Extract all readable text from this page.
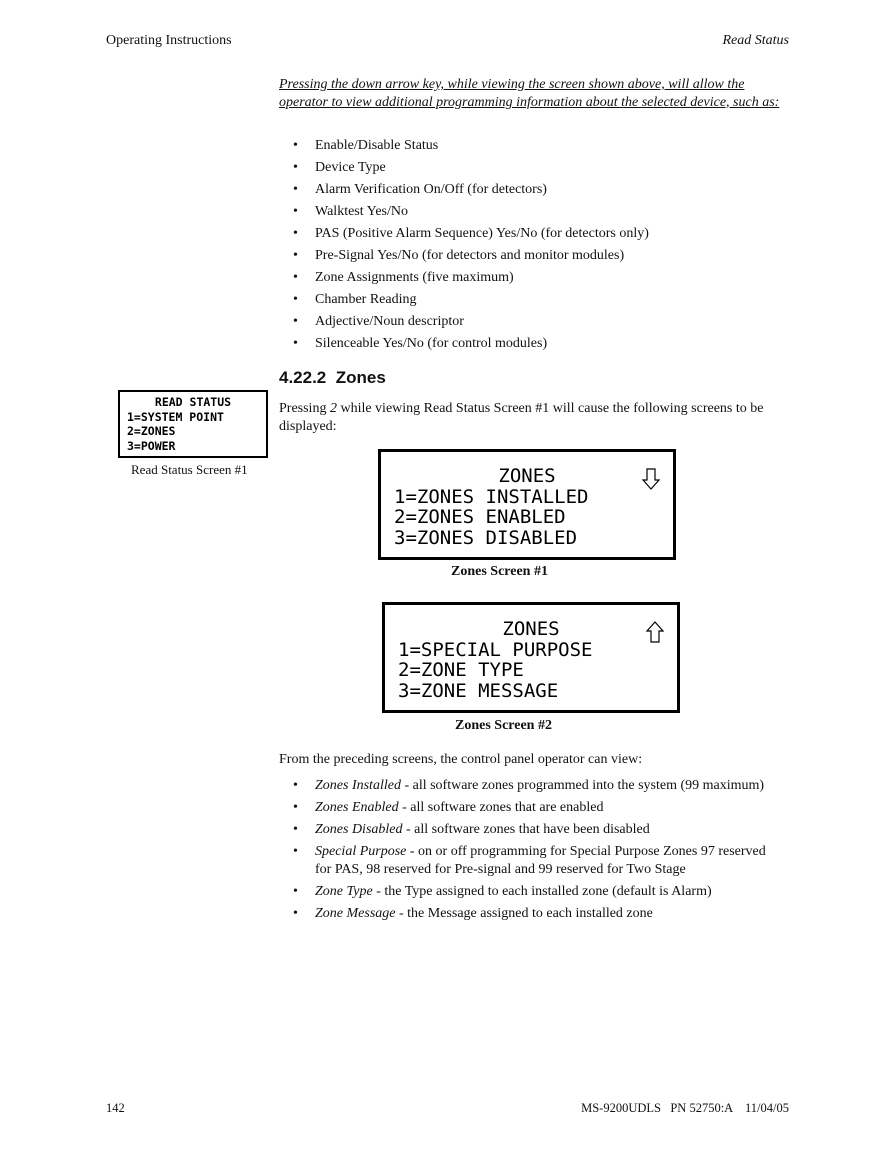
Operating Instructions	Read Status
Pressing the down arrow key, while viewing the screen shown above, will allow the operator to view additional programming information about the selected device, such as:
• Enable/Disable Status
• Device Type
• Alarm Verification On/Off (for detectors)
• Walktest Yes/No
• PAS (Positive Alarm Sequence) Yes/No (for detectors only)
• Pre-Signal Yes/No (for detectors and monitor modules)
• Zone Assignments (five maximum)
• Chamber Reading
• Adjective/Noun descriptor
• Silenceable Yes/No (for control modules)
4.22.2 Zones
READ STATUS
1=SYSTEM POINT
2=ZONES
3=POWER
Read Status Screen #1
Pressing 2 while viewing Read Status Screen #1 will cause the following screens to be displayed:
ZONES
1=ZONES INSTALLED
2=ZONES ENABLED
3=ZONES DISABLED
Zones Screen #1
ZONES
1=SPECIAL PURPOSE
2=ZONE TYPE
3=ZONE MESSAGE
Zones Screen #2
From the preceding screens, the control panel operator can view:
• Zones Installed - all software zones programmed into the system (99 maximum)
• Zones Enabled - all software zones that are enabled
• Zones Disabled - all software zones that have been disabled
• Special Purpose - on or off programming for Special Purpose Zones 97 reserved for PAS, 98 reserved for Pre-signal and 99 reserved for Two Stage
• Zone Type - the Type assigned to each installed zone (default is Alarm)
• Zone Message - the Message assigned to each installed zone
142	MS-9200UDLS   PN 52750:A    11/04/05
